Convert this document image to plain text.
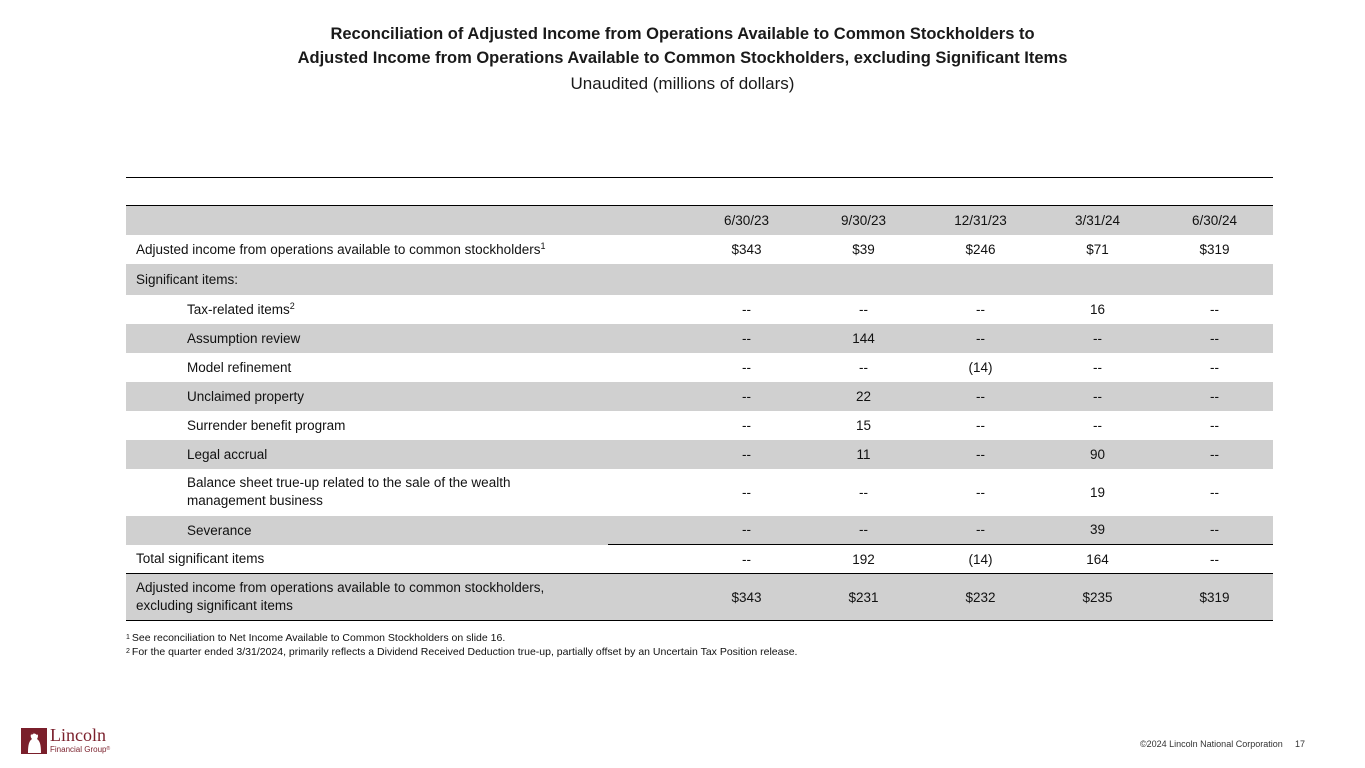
Reconciliation of Adjusted Income from Operations Available to Common Stockholders to
Adjusted Income from Operations Available to Common Stockholders, excluding Significant Items
Unaudited (millions of dollars)
		6/30/23	9/30/23	12/31/23	3/31/24	6/30/24
Adjusted income from operations available to common stockholders$^1$		$343	$39	$246	$71	$319
Significant items:						
Tax-related items$^2$		--	--	--	16	--
Assumption review		--	144	--	--	--
Model refinement		--	--	(14)	--	--
Unclaimed property		--	22	--	--	--
Surrender benefit program		--	15	--	--	--
Legal accrual		--	11	--	90	--
Balance sheet true-up related to the sale of the wealth management business		--	--	--	19	--
Severance		--	--	--	39	--
Total significant items		--	192	(14)	164	--
Adjusted income from operations available to common stockholders, excluding significant items		$343	$231	$232	$235	$319
$^1$ See reconciliation to Net Income Available to Common Stockholders on slide 16.
$^2$ For the quarter ended 3/31/2024, primarily reflects a Dividend Received Deduction true-up, partially offset by an Uncertain Tax Position release.
Lincoln
Financial Group®	©2024 Lincoln National Corporation 17
